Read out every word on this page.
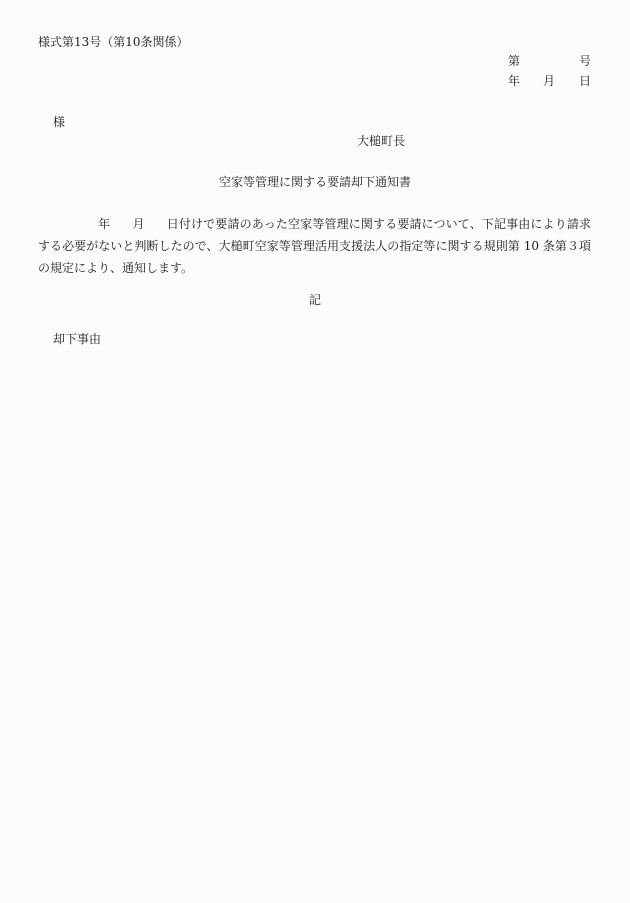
様式第13号（第10条関係）
第	号
年 月 日
様
大槌町長
空家等管理に関する要請却下通知書
年 月 日付けで要請のあった空家等管理に関する要請について、下記事由により請求する必要がないと判断したので、大槌町空家等管理活用支援法人の指定等に関する規則第 10 条第３項の規定により、通知します。
記
却下事由
